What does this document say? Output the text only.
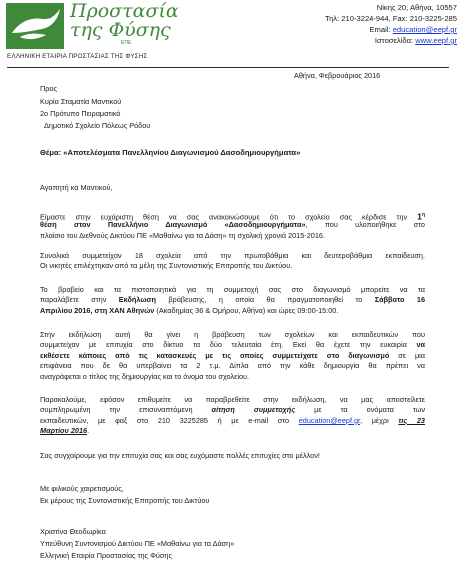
Προστασία
της Φύσης
ΕΠΕ
ΕΛΛΗΝΙΚΗ ΕΤΑΙΡΙΑ ΠΡΟΣΤΑΣΙΑΣ ΤΗΣ ΦΥΣΗΣ
Νίκης 20, Αθήνα, 10557
Τηλ: 210-3224-944, Fax: 210-3225-285
Email: education@eepf.gr
Ιστοσελίδα: www.eepf.gr
Αθήνα, Φεβρουάριος 2016
Προς
Κυρία Σταματία Μαντικού
2ο Πρότυπο Πειραματικό
Δημοτικό Σχολείο Πόλεως Ρόδου
Θέμα: «Αποτελέσματα Πανελληνίου Διαγωνισμού Δασοδημιουργήματα»
Αγαπητή κα Μαντικού,
Είμαστε στην ευχάριστη θέση να σας ανακοινώσουμε ότι το σχολείο σας κέρδισε την $1^\eta$
θέση στον Πανελλήνιο Διαγωνισμό «Δασοδημιουργήματα», που υλοποιήθηκε στο
πλαίσιο του Διεθνούς Δικτύου ΠΕ «Μαθαίνω για τα Δάση» τη σχολική χρονιά 2015-2016.
Συνολικά συμμετείχαν 18 σχολεία από την πρωτοβάθμια και δευτεροβάθμια εκπαίδευση.
Οι νικητές επιλέχτηκαν από τα μέλη της Συντονιστικής Επιτροπής του Δικτύου.
Το βραβείο και τα πιστοποιητικά για τη συμμετοχή σας στο διαγωνισμό μπορείτε να τα
παραλάβετε στην Εκδήλωση βράβευσης, η οποία θα πραγματοποιηθεί το Σάββατο 16
Απριλίου 2016, στη ΧΑΝ Αθηνών (Ακαδημίας 36 & Ομήρου, Αθήνα) και ώρες 09:00-15:00.
Στην εκδήλωση αυτή θα γίνει η βράβευση των σχολείων και εκπαιδευτικών που
συμμετείχαν με επιτυχία στο δίκτυο τα δύο τελευταία έτη. Εκεί θα έχετε την ευκαιρία να
εκθέσετε κάποιες από τις κατασκευές με τις οποίες συμμετείχατε στο διαγωνισμό σε μια
επιφάνεια που δε θα υπερβαίνει τα 2 τ.μ. Δίπλα από την κάθε δημιουργία θα πρέπει να
αναγράφεται ο τίτλος της δημιουργίας και το όνομα του σχολείου.
Παρακαλούμε, εφόσον επιθυμείτε να παραβρεθείτε στην εκδήλωση, να μας αποστείλετε
συμπληρωμένη την επισυναπτόμενη αίτηση συμμετοχής με τα ονόματα των
εκπαιδευτικών, με φαξ στο 210 3225285 ή με e-mail στο education@eepf.gr, μέχρι τις 23
Μαρτίου 2016.
Σας συγχαίρουμε για την επιτυχία σας και σας ευχόμαστε πολλές επιτυχίες στο μέλλον!
Με φιλικούς χαιρετισμούς,
Εκ μέρους της Συντονιστικής Επιτροπής του Δικτύου
Χριστίνα Θεοδωρίκα
Υπεύθυνη Συντονισμού Δικτύου ΠΕ «Μαθαίνω για τα Δάση»
Ελληνική Εταιρία Προστασίας της Φύσης
